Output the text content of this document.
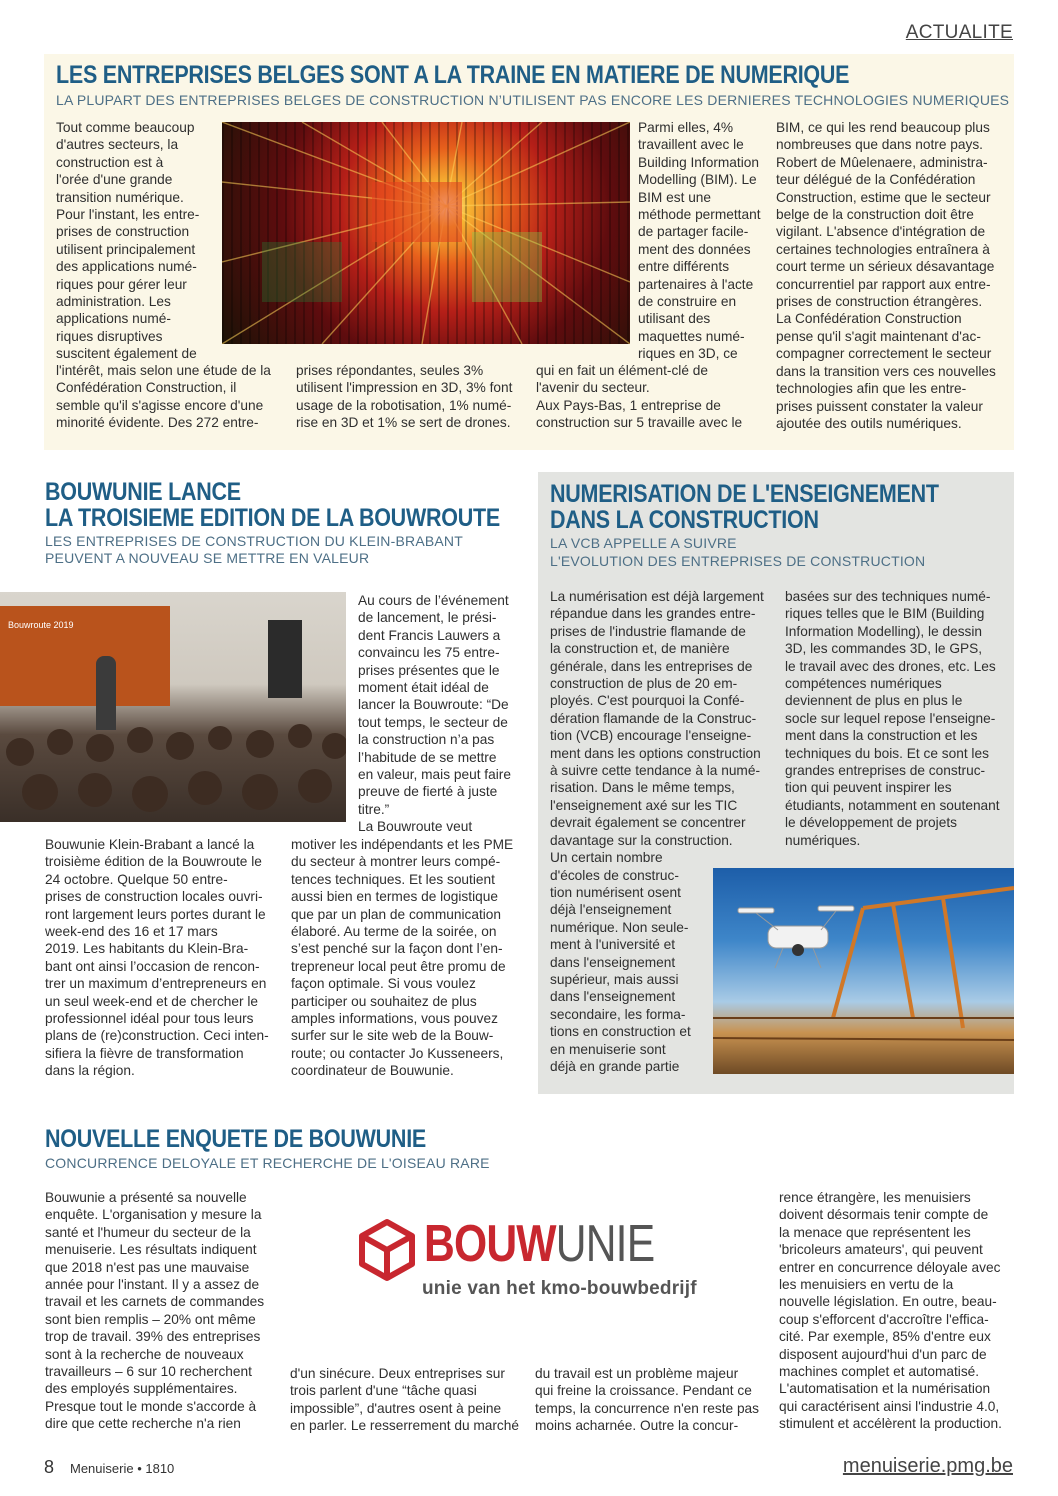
ACTUALITE
LES ENTREPRISES BELGES SONT A LA TRAINE EN MATIERE DE NUMERIQUE
LA PLUPART DES ENTREPRISES BELGES DE CONSTRUCTION N’UTILISENT PAS ENCORE LES DERNIERES TECHNOLOGIES NUMERIQUES
Tout comme beaucoup
d'autres secteurs, la
construction est à
l'orée d'une grande
transition numérique.
Pour l'instant, les entre-
prises de construction
utilisent principalement
des applications numé-
riques pour gérer leur
administration. Les
applications numé-
riques disruptives
suscitent également de
l'intérêt, mais selon une étude de la
Confédération Construction, il
semble qu'il s'agisse encore d'une
minorité évidente. Des 272 entre-
prises répondantes, seules 3%
utilisent l'impression en 3D, 3% font
usage de la robotisation, 1% numé-
rise en 3D et 1% se sert de drones.
Parmi elles, 4%
travaillent avec le
Building Information
Modelling (BIM). Le
BIM est une
méthode permettant
de partager facile-
ment des données
entre différents
partenaires à l'acte
de construire en
utilisant des
maquettes numé-
riques en 3D, ce
qui en fait un élément-clé de
l'avenir du secteur.
Aux Pays-Bas, 1 entreprise de
construction sur 5 travaille avec le
BIM, ce qui les rend beaucoup plus
nombreuses que dans notre pays.
Robert de Mûelenaere, administra-
teur délégué de la Confédération
Construction, estime que le secteur
belge de la construction doit être
vigilant. L'absence d'intégration de
certaines technologies entraînera à
court terme un sérieux désavantage
concurrentiel par rapport aux entre-
prises de construction étrangères.
La Confédération Construction
pense qu'il s'agit maintenant d'ac-
compagner correctement le secteur
dans la transition vers ces nouvelles
technologies afin que les entre-
prises puissent constater la valeur
ajoutée des outils numériques.
BOUWUNIE LANCE
LA TROISIEME EDITION DE LA BOUWROUTE
LES ENTREPRISES DE CONSTRUCTION DU KLEIN-BRABANT
PEUVENT A NOUVEAU SE METTRE EN VALEUR
Bouwroute 2019
Au cours de l’événement
de lancement, le prési-
dent Francis Lauwers a
convaincu les 75 entre-
prises présentes que le
moment était idéal de
lancer la Bouwroute: “De
tout temps, le secteur de
la construction n’a pas
l’habitude de se mettre
en valeur, mais peut faire
preuve de fierté à juste
titre.”
La Bouwroute veut
Bouwunie Klein-Brabant a lancé la
troisième édition de la Bouwroute le
24 octobre. Quelque 50 entre-
prises de construction locales ouvri-
ront largement leurs portes durant le
week-end des 16 et 17 mars
2019. Les habitants du Klein-Bra-
bant ont ainsi l’occasion de rencon-
trer un maximum d’entrepreneurs en
un seul week-end et de chercher le
professionnel idéal pour tous leurs
plans de (re)construction. Ceci inten-
sifiera la fièvre de transformation
dans la région.
motiver les indépendants et les PME
du secteur à montrer leurs compé-
tences techniques. Et les soutient
aussi bien en termes de logistique
que par un plan de communication
élaboré. Au terme de la soirée, on
s’est penché sur la façon dont l’en-
trepreneur local peut être promu de
façon optimale. Si vous voulez
participer ou souhaitez de plus
amples informations, vous pouvez
surfer sur le site web de la Bouw-
route; ou contacter Jo Kusseneers,
coordinateur de Bouwunie.
NUMERISATION DE L'ENSEIGNEMENT
DANS LA CONSTRUCTION
LA VCB APPELLE A SUIVRE
L'EVOLUTION DES ENTREPRISES DE CONSTRUCTION
La numérisation est déjà largement
répandue dans les grandes entre-
prises de l'industrie flamande de
la construction et, de manière
générale, dans les entreprises de
construction de plus de 20 em-
ployés. C'est pourquoi la Confé-
dération flamande de la Construc-
tion (VCB) encourage l'enseigne-
ment dans les options construction
à suivre cette tendance à la numé-
risation. Dans le même temps,
l'enseignement axé sur les TIC
devrait également se concentrer
davantage sur la construction.
Un certain nombre
d'écoles de construc-
tion numérisent osent
déjà l'enseignement
numérique. Non seule-
ment à l'université et
dans l'enseignement
supérieur, mais aussi
dans l'enseignement
secondaire, les forma-
tions en construction et
en menuiserie sont
déjà en grande partie
basées sur des techniques numé-
riques telles que le BIM (Building
Information Modelling), le dessin
3D, les commandes 3D, le GPS,
le travail avec des drones, etc. Les
compétences numériques
deviennent de plus en plus le
socle sur lequel repose l'enseigne-
ment dans la construction et les
techniques du bois. Et ce sont les
grandes entreprises de construc-
tion qui peuvent inspirer les
étudiants, notamment en soutenant
le développement de projets
numériques.
NOUVELLE ENQUETE DE BOUWUNIE
CONCURRENCE DELOYALE ET RECHERCHE DE L'OISEAU RARE
Bouwunie a présenté sa nouvelle
enquête. L'organisation y mesure la
santé et l'humeur du secteur de la
menuiserie. Les résultats indiquent
que 2018 n'est pas une mauvaise
année pour l'instant. Il y a assez de
travail et les carnets de commandes
sont bien remplis – 20% ont même
trop de travail. 39% des entreprises
sont à la recherche de nouveaux
travailleurs – 6 sur 10 recherchent
des employés supplémentaires.
Presque tout le monde s'accorde à
dire que cette recherche n'a rien
d'un sinécure. Deux entreprises sur
trois parlent d'une “tâche quasi
impossible”, d'autres osent à peine
en parler. Le resserrement du marché
du travail est un problème majeur
qui freine la croissance. Pendant ce
temps, la concurrence n'en reste pas
moins acharnée. Outre la concur-
rence étrangère, les menuisiers
doivent désormais tenir compte de
la menace que représentent les
'bricoleurs amateurs', qui peuvent
entrer en concurrence déloyale avec
les menuisiers en vertu de la
nouvelle législation. En outre, beau-
coup s'efforcent d'accroître l'effica-
cité. Par exemple, 85% d'entre eux
disposent aujourd'hui d'un parc de
machines complet et automatisé.
L'automatisation et la numérisation
qui caractérisent ainsi l'industrie 4.0,
stimulent et accélèrent la production.
BOUWUNIE
unie van het kmo-bouwbedrijf
8 Menuiserie • 1810	menuiserie.pmg.be
